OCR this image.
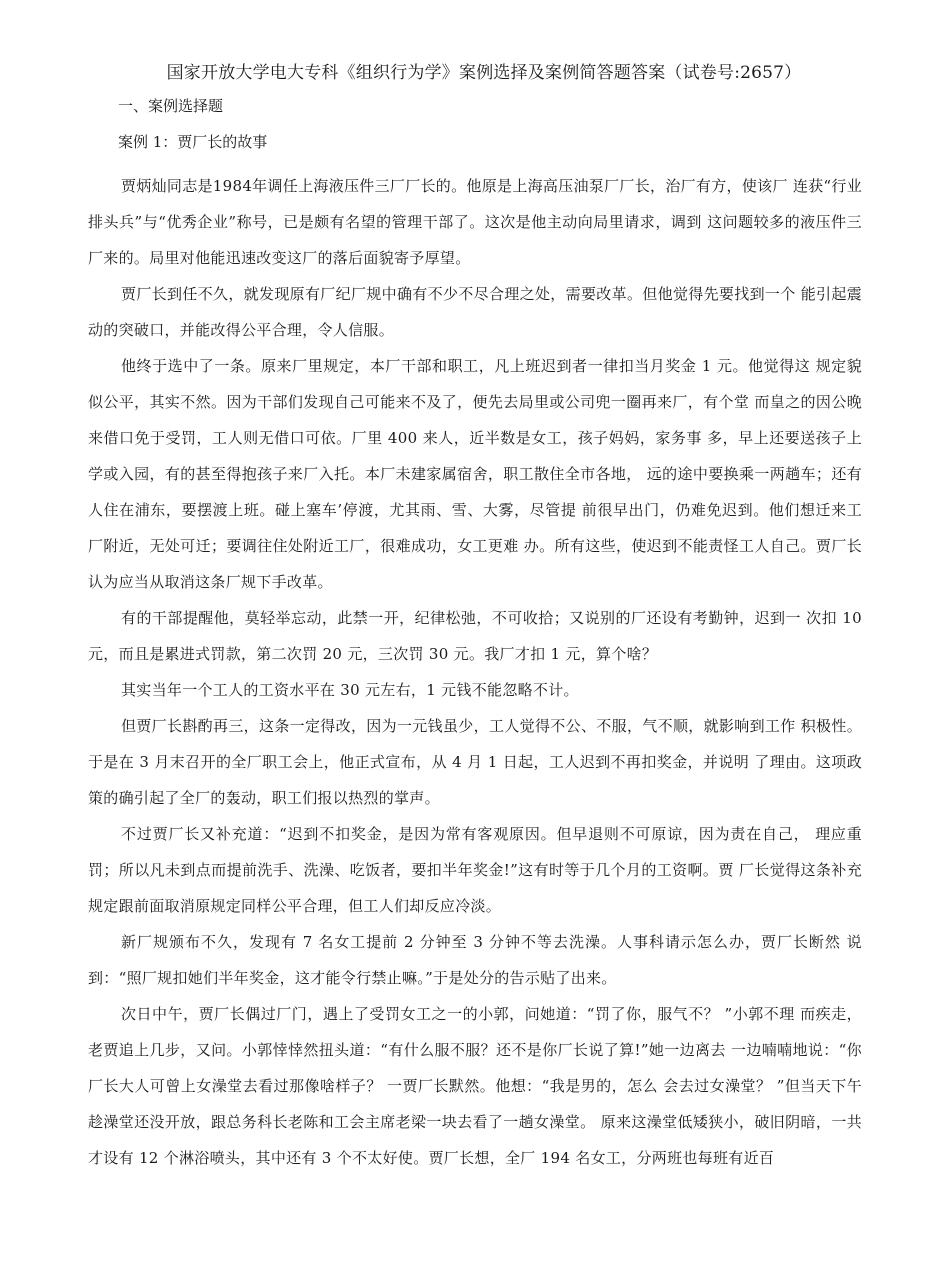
国家开放大学电大专科《组织行为学》案例选择及案例简答题答案（试卷号:2657）
一、案例选择题
案例 1：贾厂长的故事

贾炳灿同志是1984年调任上海液压件三厂厂长的。他原是上海高压油泵厂厂长，治厂有方，使该厂 连获“行业排头兵”与“优秀企业”称号，已是颇有名望的管理干部了。这次是他主动向局里请求，调到 这问题较多的液压件三厂来的。局里对他能迅速改变这厂的落后面貌寄予厚望。

贾厂长到任不久，就发现原有厂纪厂规中确有不少不尽合理之处，需要改革。但他觉得先要找到一个 能引起震动的突破口，并能改得公平合理，令人信服。

他终于选中了一条。原来厂里规定，本厂干部和职工，凡上班迟到者一律扣当月奖金 1 元。他觉得这 规定貌似公平，其实不然。因为干部们发现自己可能来不及了，便先去局里或公司兜一圈再来厂，有个堂 而皇之的因公晚来借口免于受罚，工人则无借口可依。厂里 400 来人，近半数是女工，孩子妈妈，家务事 多，早上还要送孩子上学或入园，有的甚至得抱孩子来厂入托。本厂未建家属宿舍，职工散住全市各地， 远的途中要换乘一两趟车；还有人住在浦东，要摆渡上班。碰上塞车’停渡，尤其雨、雪、大雾，尽管提 前很早出门，仍难免迟到。他们想迁来工厂附近，无处可迁；要调往住处附近工厂，很难成功，女工更难 办。所有这些，使迟到不能责怪工人自己。贾厂长认为应当从取消这条厂规下手改革。

有的干部提醒他，莫轻举忘动，此禁一开，纪律松弛，不可收拾；又说别的厂还设有考勤钟，迟到一 次扣 10 元，而且是累进式罚款，第二次罚 20 元，三次罚 30 元。我厂才扣 1 元，算个啥？

其实当年一个工人的工资水平在 30 元左右，1 元钱不能忽略不计。

但贾厂长斟酌再三，这条一定得改，因为一元钱虽少，工人觉得不公、不服，气不顺，就影响到工作 积极性。于是在 3 月末召开的全厂职工会上，他正式宣布，从 4 月 1 日起，工人迟到不再扣奖金，并说明 了理由。这项政策的确引起了全厂的轰动，职工们报以热烈的掌声。

不过贾厂长又补充道：“迟到不扣奖金，是因为常有客观原因。但早退则不可原谅，因为责在自己， 理应重罚；所以凡未到点而提前洗手、洗澡、吃饭者，要扣半年奖金!”这有时等于几个月的工资啊。贾 厂长觉得这条补充规定跟前面取消原规定同样公平合理，但工人们却反应冷淡。

新厂规颁布不久，发现有 7 名女工提前 2 分钟至 3 分钟不等去洗澡。人事科请示怎么办，贾厂长断然 说到：“照厂规扣她们半年奖金，这才能令行禁止嘛。”于是处分的告示贴了出来。

次日中午，贾厂长偶过厂门，遇上了受罚女工之一的小郭，问她道：“罚了你，服气不？ ”小郭不理 而疾走，老贾追上几步，又问。小郭悻悻然扭头道：“有什么服不服？还不是你厂长说了算!”她一边离去 一边喃喃地说：“你厂长大人可曾上女澡堂去看过那像啥样子？ 一贾厂长默然。他想：“我是男的，怎么 会去过女澡堂？ ”但当天下午趁澡堂还没开放，跟总务科长老陈和工会主席老梁一块去看了一趟女澡堂。 原来这澡堂低矮狭小，破旧阴暗，一共才设有 12 个淋浴喷头，其中还有 3 个不太好使。贾厂长想，全厂 194 名女工，分两班也每班有近百
